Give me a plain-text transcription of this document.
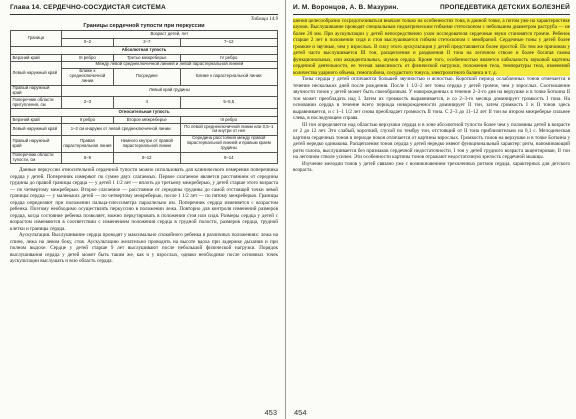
Глава 14. СЕРДЕЧНО-СОСУДИСТАЯ СИСТЕМА
Таблица 14.9
Границы сердечной тупости при перкуссии
Граница	Возраст детей, лет		
	0–2	2–7	7–12
Абсолютная тупость			
Верхний край	III ребро	Третье межреберье	IV ребро
Левый наружный край	Между левой среднеключичной линией и левой парастернальной линией		
	Ближе к среднеключичной линии	Посредине	Ближе к парастернальной линии
Правый наружный край	Левый край грудины		
Поперечник области притупления, см	2–3	4	5–5,5
Относительная тупость			
Верхний край	II ребро	Второе межреберье	III ребро
Левый наружный край	1–2 см кнаружи от левой среднеключичной линии		По левой среднеключичной линии или 0,5–1 см кнутри от нее
Правый наружный край	Правая парастернальная линия	Немного кнутри от правой парастернальной линии	Середина расстояния между правой парастернальной линией и правым краем грудины
Поперечник области тупости, см	6–9	8–12	9–14

Данные перкуссии относительной сердечной тупости можно использовать для клинического измерения поперечника сердца у детей. Поперечник измеряют по сумме двух слагаемых. Первое слагаемое является расстоянием от середины грудины до правой границы сердца — у детей 1 1/2 лет — вплоть до третьему межреберью, у детей старше этого возраста — по четвертому межреберью. Второе слагаемое — расстояние от середины грудины до самой отстоящей точки левой границы сердца — у маленьких детей — по четвертому межреберью, после 1 1/2 лет — по пятому межреберью. Границы сердца определяют при положении пальца-плессиметра параллельно им. Поперечник сердца изменяется с возрастом ребенка. Поэтому необходимо осуществлять перкуссию в положении лежа. Повторно для контроля изменений размеров сердца, когда состояние ребенка позволяет, можно перкутировать в положении стоя или сидя. Размеры сердца у детей с возрастом изменяются в соответствии с изменением положения сердца в грудной полости, размеров сердца, грудной клетки и границы сердца.

Аускультация. Выслушивание сердца проводят у максимально спокойного ребенка в различных положениях: лежа на спине, лежа на левом боку, стоя. Аускультацию желательно проводить на высоте вдоха при задержке дыхания и при полном выдохе. Сердце у детей старше 9 лет выслушивают после небольшой физической нагрузки. Порядок выслушивания сердца у детей может быть таким же, как и у взрослых, однако необходимо после основных точек аускультации выслушать и всю область сердца.

453
И. М. Воронцов, А. В. Мазурин.	ПРОПЕДЕВТИКА ДЕТСКИХ БОЛЕЗНЕЙ

шения целесообразно сосредоточиваться вначале только на особенностях тона, в данной точке, а потом уже на характеристике шумов. Выслушивание проводят специальным педиатрическим гибкими стетоскопом с небольшим диаметром раструба — не более 20 мм. При аускультации у детей непосредственно ухом исследователя сердечные звуки становятся громче. Ребенок старше 2 лет в положении сидя и стоя выслушивается гибким стетоскопом с мембраной. Сердечные тоны у детей более громкие и звучные, чем у взрослых. В силу этого аускультация у детей представляется более простой. По тем же причинам у детей часто выслушивается III тон, расщепления и раздвоения II тона на легочном стволе и более богатая гамма функциональных, или акцидентальных, шумов сердца. Кроме того, особенностью является лабильность звуковой картины сердечной деятельности, ее тесная зависимость от физической нагрузки, положения тела, температуры тела, изменений количества ударного объема, гемоглобина, сосудистого тонуса, электролитного баланса и т. д.

Тоны сердца у детей отличаются большей звучностью и ясностью. Короткий период ослабленных тонов отмечается в течение нескольких дней после рождения. После 1 1/2–2 лет тоны сердца у детей громче, чем у взрослых. Соотношение звучности тонов у детей может быть своеобразным. У новорожденных в течение 2–3-го дня на верхушке и в точке Боткина II тон может преобладать над I. Затем их громкость выравнивается, и со 2–3-го месяца доминирует громкость I тона. На основании сердца в течение всего периода новорожденности доминирует II тон, затем громкость I и II тонов здесь выравнивается, и с 1–1 1/2 лет снова преобладает громкость II тона. С 2–3 до 11–12 лет II тон во втором межреберье сильнее слева, в последующем справа.

III тон определяется над областью верхушки сердца и в зоне абсолютной тупости более чем у половины детей в возрасте от 2 до 12 лет. Это слабый, короткий, глухой по тембру тон, отстоящий от II тона приблизительно на 0,1 с. Мелодическая картина сердечных тонов в периоде покоя отличается от картины взрослых. Громкость тонов на верхушке и в точке Боткина у детей нередко одинакова. Расщепления тонов сердца у детей нередко имеют функциональный характер: ритм, напоминающий ритм галопа, выслушивается без признаков сердечной недостаточности, I тон у детей грудного возраста акцентирован, II тон на легочном стволе усилен. Эти особенности картины тонов отражают недостаточную зрелость сердечной мышцы.

Изучение мелодии тонов у детей связано уже с возникновением трехчленных ритмов сердца, характерных для детского возраста.

454
